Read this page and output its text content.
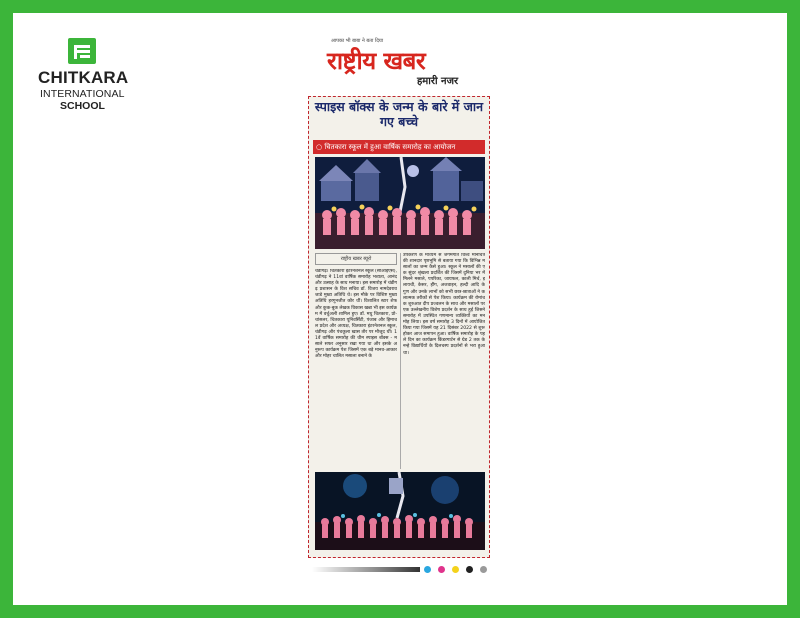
CHITKARA
INTERNATIONAL
SCHOOL
आपका भी बाबा ने बता दिया
राष्ट्रीय खबर
हमारी नजर
स्पाइस बॉक्स के जन्म के बारे में जान गए बच्चे
○ चितकारा स्कूल में हुआ वार्षिक समारोह का आयोजन
राष्ट्रीय खबर ब्यूरो
चंडीगढ़। चितकारा इंटरनेशनल स्कूल (सीआईएस), चंडीगढ़ ने 11वां वार्षिक समारोह भव्यता, आनंद और उत्साह के साथ मनाया। इस समारोह में चंडीगढ़ प्रशासन के विश सचिव डॉ. विजय नामदेवराव जाडे मुख्य अतिथि थे। इस मौके पर विशिष्ट मुख्य अतिथि हरगुनजीत कौर थीं। विशालित स्टार शेफ और कुक-बुक लेखक विकास खन्ना भी इस कार्यक्रम में वर्चुअली शामिल हुए। डॉ. मधु चितकारा, प्रो-चांसलर, चितकारा यूनिवर्सिटी, पंजाब और हिमाचल प्रदेश और अध्यक्ष, चितकारा इंटरनेशनल स्कूल, चंडीगढ़ और पंचकूला खास तौर पर मौजूद थीं। 11वें वार्षिक समारोह की थीम स्पाइस बॉक्स - मसाले सफर अनुसार रखा गया था और इसके अनुरूप कार्यक्रम पेश जिसमें एक बड़े मानव-आकार और मोहर चालित मसाला बनाने के
उपकरण के माध्यम से जगमगाते विश्व मानचित्र की शानदार पृष्ठभूमि से बताया गया कि विभिन्न मसालों का जन्म कैसे हुआ। स्कूल ने मसालों की एक सुंदर श्रृंखला प्रदर्शित की जिसमें दुनिया भर में मिलने मसाले, पपरिका, जायफल, काली मिर्च, इलायची, केसर, हींग, अजवाइन, हल्दी आदि के गुण और उनके लाभों को सभी छात्र-छात्राओं ने कलात्मक तरीकों से पेश किया। कार्यक्रम की रोमांचक शुरुआत दीप प्रज्वलन के साथ और मसालों पर एक उल्लेखनीय विशेष प्रदर्शन के साथ हुई जिसने समारोह में उपस्थित गणमान्य व्यक्तियों का मन मोह लिया। इस वर्ष समारोह 3 दिनों में आयोजित किया गया जिसमें यह 21 दिसंबर 2022 से शुरू होकर आज समापन हुआ। वार्षिक समारोह के पहले दिन का कार्यक्रम किंडरगार्टन से ग्रेड 2 तक के नन्हे विद्यार्थियों के दिलचस्प प्रदर्शनों से भरा हुआ था।
